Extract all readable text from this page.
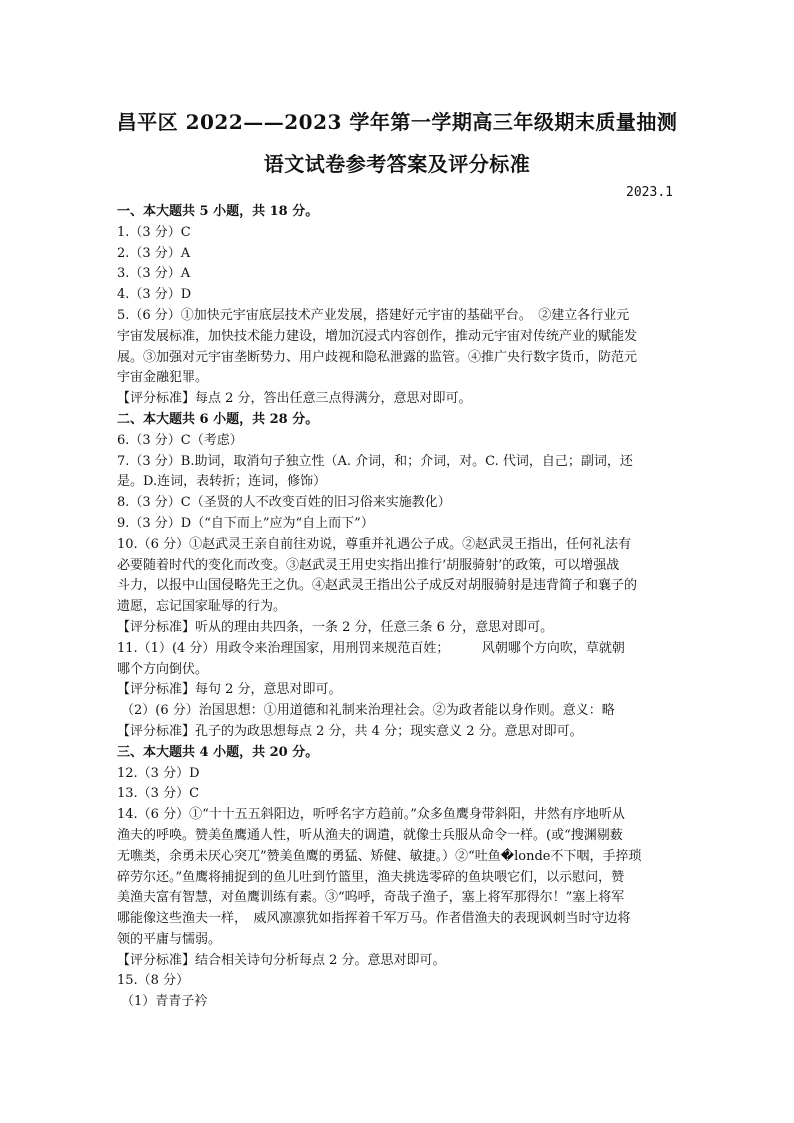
昌平区 2022——2023 学年第一学期高三年级期末质量抽测
语文试卷参考答案及评分标准
2023.1
一、本大题共 5 小题，共 18 分。
1.（3 分）C
2.（3 分）A
3.（3 分）A
4.（3 分）D
5.（6 分）①加快元宇宙底层技术产业发展，搭建好元宇宙的基础平台。　②建立各行业元
宇宙发展标准，加快技术能力建设，增加沉浸式内容创作，推动元宇宙对传统产业的赋能发
展。③加强对元宇宙垄断势力、用户歧视和隐私泄露的监管。④推广央行数字货币，防范元
宇宙金融犯罪。
【评分标准】每点 2 分，答出任意三点得满分，意思对即可。
二、本大题共 6 小题，共 28 分。
6.（3 分）C（考虑）
7.（3 分）B.助词，取消句子独立性（A. 介词，和；介词，对。C. 代词，自己；副词，还
是。D.连词，表转折；连词，修饰）
8.（3 分）C（圣贤的人不改变百姓的旧习俗来实施教化）
9.（3 分）D（“自下而上”应为“自上而下”）
10.（6 分）①赵武灵王亲自前往劝说，尊重并礼遇公子成。②赵武灵王指出，任何礼法有
必要随着时代的变化而改变。③赵武灵王用史实指出推行‘胡服骑射’的政策，可以增强战
斗力，以报中山国侵略先王之仇。④赵武灵王指出公子成反对胡服骑射是违背简子和襄子的
遗愿，忘记国家耻辱的行为。
【评分标准】听从的理由共四条，一条 2 分，任意三条 6 分，意思对即可。
11.（1）(4 分）用政令来治理国家，用刑罚来规范百姓；　　　风朝哪个方向吹，草就朝
哪个方向倒伏。
【评分标准】每句 2 分，意思对即可。
（2）(6 分）治国思想：①用道德和礼制来治理社会。②为政者能以身作则。意义：略
【评分标准】孔子的为政思想每点 2 分，共 4 分；现实意义 2 分。意思对即可。
三、本大题共 4 小题，共 20 分。
12.（3 分）D
13.（3 分）C
14.（6 分）①“十十五五斜阳边，听呼名字方趋前。”众多鱼鹰身带斜阳，井然有序地听从
渔夫的呼唤。赞美鱼鹰通人性，听从渔夫的调遣，就像士兵服从命令一样。(或“搜渊剔薮
无噍类，余勇未厌心突兀”赞美鱼鹰的勇猛、矫健、敏捷。）②“吐鱼�londe不下咽，手捽琐
碎劳尔还。”鱼鹰将捕捉到的鱼儿吐到竹篮里，渔夫挑选零碎的鱼块喂它们，以示慰问，赞
美渔夫富有智慧，对鱼鹰训练有素。③“呜呼，奇哉子渔子，塞上将军那得尔！”塞上将军
哪能像这些渔夫一样，　威风凛凛犹如指挥着千军万马。作者借渔夫的表现讽刺当时守边将
领的平庸与懦弱。
【评分标准】结合相关诗句分析每点 2 分。意思对即可。
15.（8 分）
（1）青青子衿
